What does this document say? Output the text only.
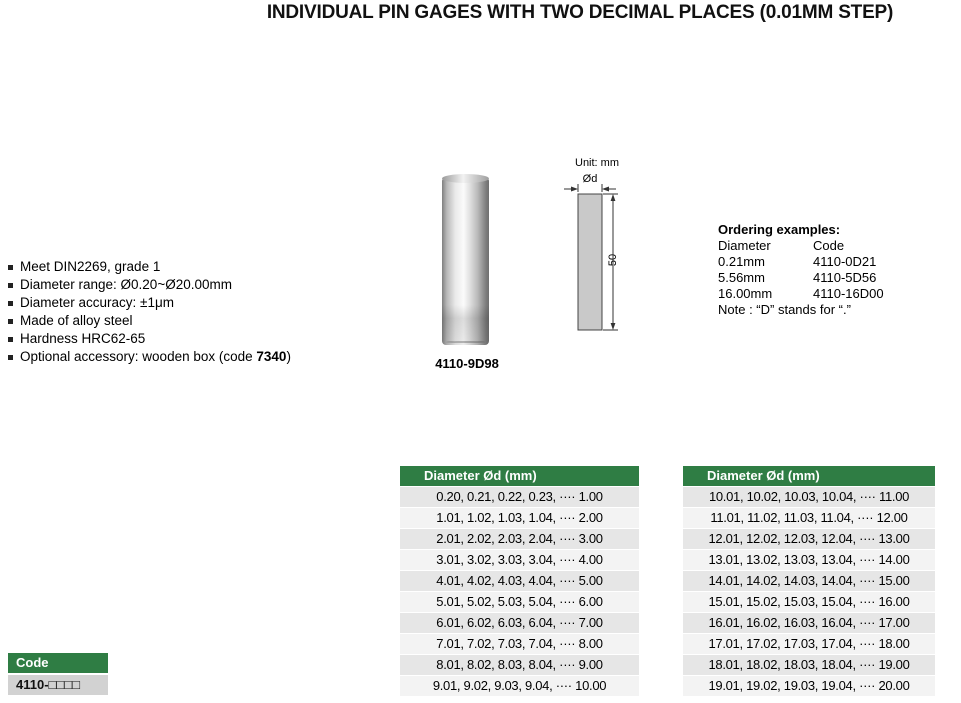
INDIVIDUAL PIN GAGES WITH TWO DECIMAL PLACES (0.01MM STEP)
Meet DIN2269, grade 1
Diameter range: Ø0.20~Ø20.00mm
Diameter accuracy: ±1μm
Made of alloy steel
Hardness HRC62-65
Optional accessory: wooden box (code 7340)	4110-9D98
Unit: mm
Ød
50
Ordering examples:
Diameter	Code
0.21mm	4110-0D21
5.56mm	4110-5D56
16.00mm	4110-16D00
Note : “D” stands for “.”
Diameter Ød (mm)
0.20, 0.21, 0.22, 0.23, ···· 1.00
1.01, 1.02, 1.03, 1.04, ···· 2.00
2.01, 2.02, 2.03, 2.04, ···· 3.00
3.01, 3.02, 3.03, 3.04, ···· 4.00
4.01, 4.02, 4.03, 4.04, ···· 5.00
5.01, 5.02, 5.03, 5.04, ···· 6.00
6.01, 6.02, 6.03, 6.04, ···· 7.00
7.01, 7.02, 7.03, 7.04, ···· 8.00
8.01, 8.02, 8.03, 8.04, ···· 9.00
9.01, 9.02, 9.03, 9.04, ···· 10.00
Diameter Ød (mm)
10.01, 10.02, 10.03, 10.04, ···· 11.00
11.01, 11.02, 11.03, 11.04, ···· 12.00
12.01, 12.02, 12.03, 12.04, ···· 13.00
13.01, 13.02, 13.03, 13.04, ···· 14.00
14.01, 14.02, 14.03, 14.04, ···· 15.00
15.01, 15.02, 15.03, 15.04, ···· 16.00
16.01, 16.02, 16.03, 16.04, ···· 17.00
17.01, 17.02, 17.03, 17.04, ···· 18.00
18.01, 18.02, 18.03, 18.04, ···· 19.00
19.01, 19.02, 19.03, 19.04, ···· 20.00
Code
4110-□□□□
